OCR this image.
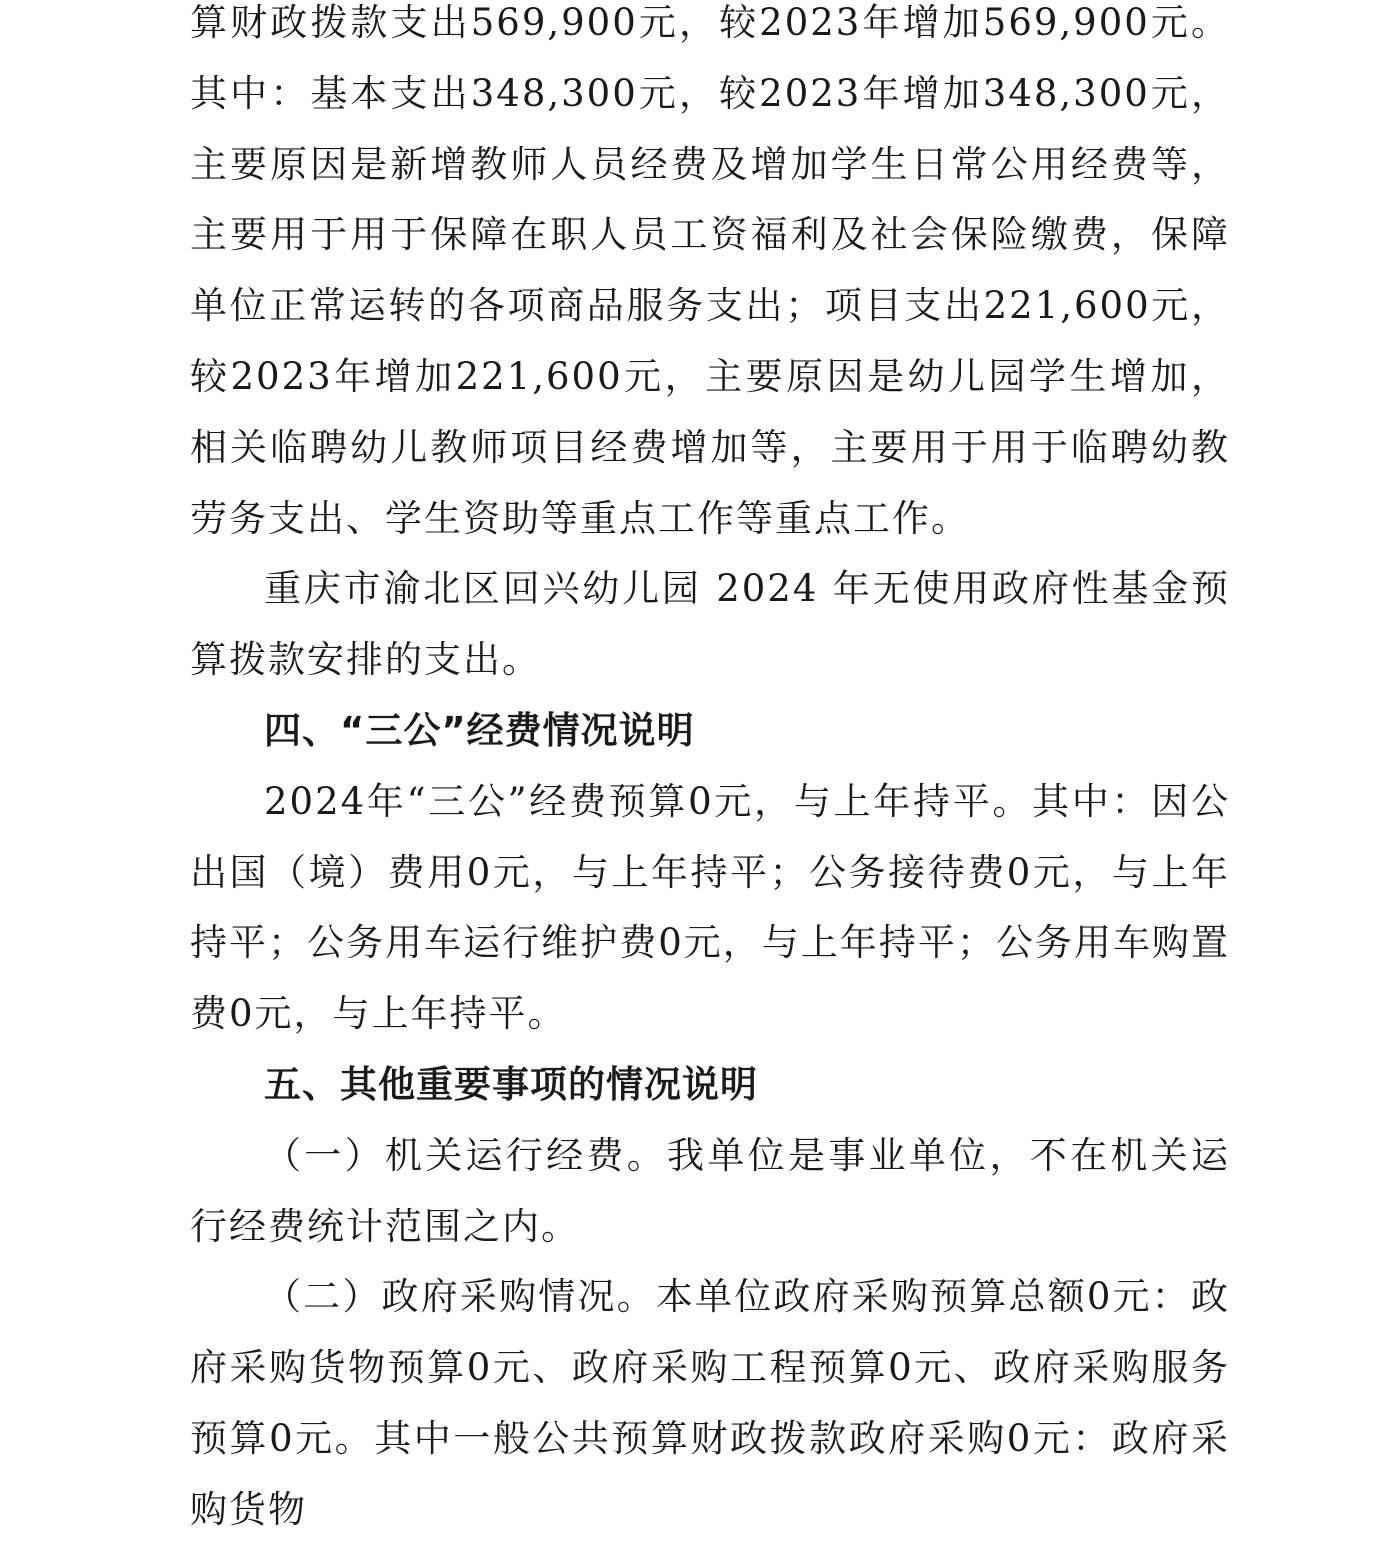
算财政拨款支出569,900元，较2023年增加569,900元。其中：基本支出348,300元，较2023年增加348,300元，主要原因是新增教师人员经费及增加学生日常公用经费等，主要用于用于保障在职人员工资福利及社会保险缴费，保障单位正常运转的各项商品服务支出；项目支出221,600元，较2023年增加221,600元，主要原因是幼儿园学生增加，相关临聘幼儿教师项目经费增加等，主要用于用于临聘幼教劳务支出、学生资助等重点工作等重点工作。

重庆市渝北区回兴幼儿园 2024 年无使用政府性基金预算拨款安排的支出。

四、“三公”经费情况说明

2024年“三公”经费预算0元，与上年持平。其中：因公出国（境）费用0元，与上年持平；公务接待费0元，与上年持平；公务用车运行维护费0元，与上年持平；公务用车购置费0元，与上年持平。

五、其他重要事项的情况说明

（一）机关运行经费。我单位是事业单位，不在机关运行经费统计范围之内。

（二）政府采购情况。本单位政府采购预算总额0元：政府采购货物预算0元、政府采购工程预算0元、政府采购服务预算0元。其中一般公共预算财政拨款政府采购0元：政府采购货物
